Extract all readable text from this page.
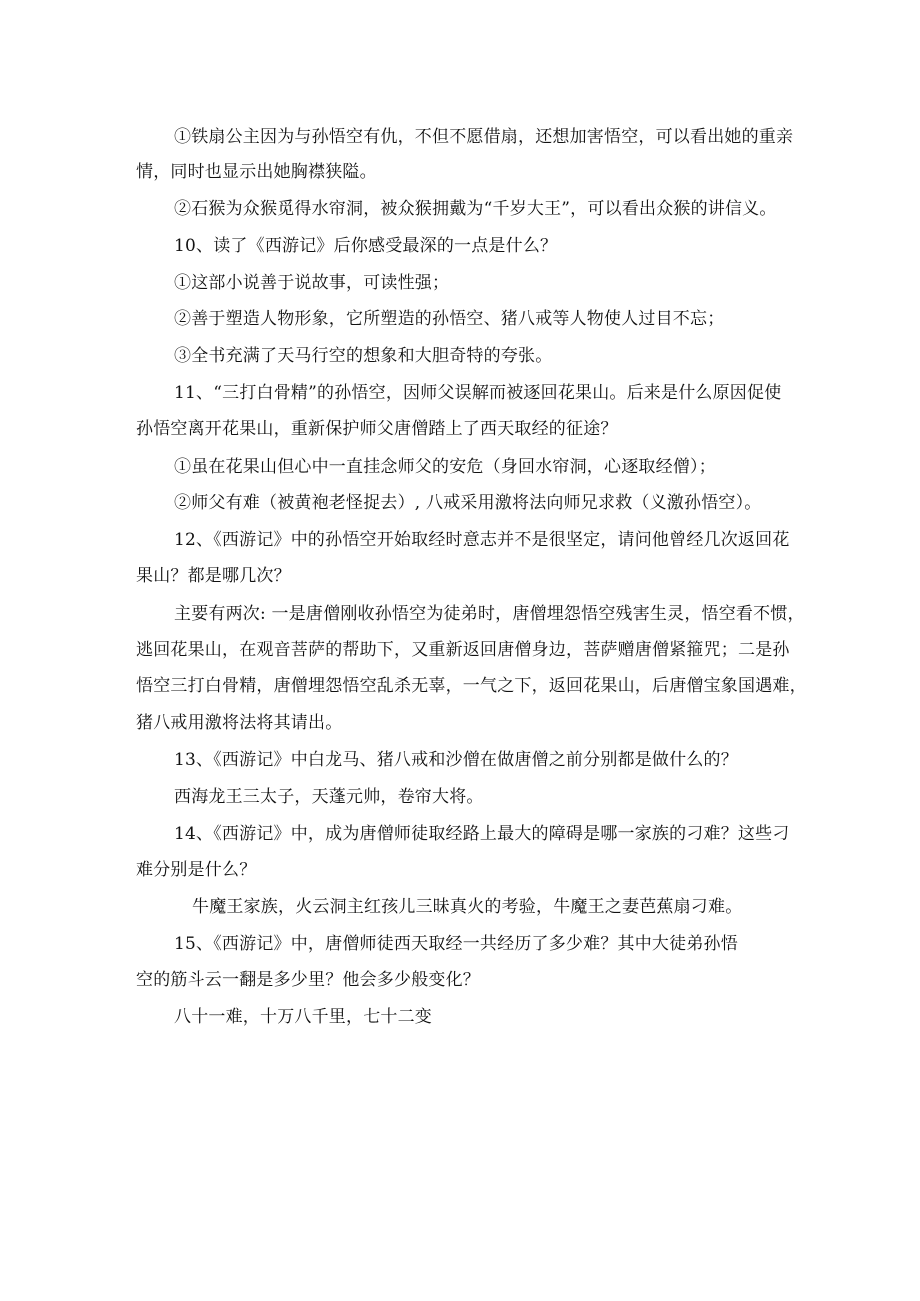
①铁扇公主因为与孙悟空有仇，不但不愿借扇，还想加害悟空，可以看出她的重亲
情，同时也显示出她胸襟狭隘。
②石猴为众猴觅得水帘洞，被众猴拥戴为“千岁大王”，可以看出众猴的讲信义。
10、读了《西游记》后你感受最深的一点是什么？
①这部小说善于说故事，可读性强；
②善于塑造人物形象，它所塑造的孙悟空、猪八戒等人物使人过目不忘；
③全书充满了天马行空的想象和大胆奇特的夸张。
11、“三打白骨精”的孙悟空，因师父误解而被逐回花果山。后来是什么原因促使
孙悟空离开花果山，重新保护师父唐僧踏上了西天取经的征途？
①虽在花果山但心中一直挂念师父的安危（身回水帘洞，心逐取经僧）；
②师父有难（被黄袍老怪捉去）, 八戒采用激将法向师兄求救（义激孙悟空）。
12、《西游记》中的孙悟空开始取经时意志并不是很坚定，请问他曾经几次返回花
果山？都是哪几次？
主要有两次: 一是唐僧刚收孙悟空为徒弟时，唐僧埋怨悟空残害生灵，悟空看不惯，
逃回花果山，在观音菩萨的帮助下，又重新返回唐僧身边，菩萨赠唐僧紧箍咒；二是孙
悟空三打白骨精，唐僧埋怨悟空乱杀无辜，一气之下，返回花果山，后唐僧宝象国遇难，
猪八戒用激将法将其请出。
13、《西游记》中白龙马、猪八戒和沙僧在做唐僧之前分别都是做什么的？
西海龙王三太子，天蓬元帅，卷帘大将。
14、《西游记》中，成为唐僧师徒取经路上最大的障碍是哪一家族的刁难？这些刁
难分别是什么？
牛魔王家族，火云洞主红孩儿三昧真火的考验，牛魔王之妻芭蕉扇刁难。
15、《西游记》中，唐僧师徒西天取经一共经历了多少难？其中大徒弟孙悟
空的筋斗云一翻是多少里？他会多少般变化？
八十一难，十万八千里，七十二变
